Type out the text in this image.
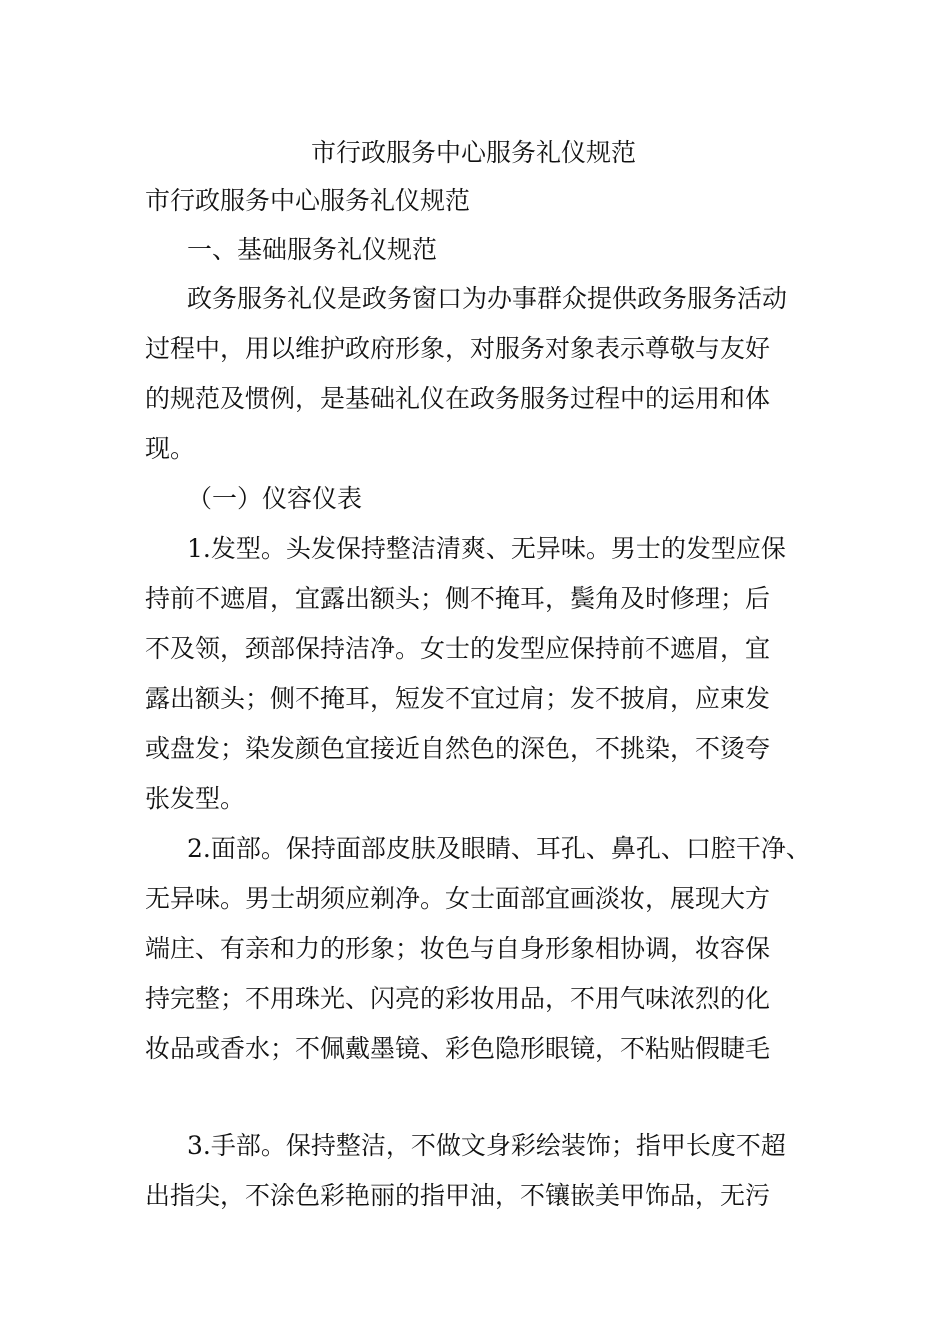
市行政服务中心服务礼仪规范
市行政服务中心服务礼仪规范
一、基础服务礼仪规范
政务服务礼仪是政务窗口为办事群众提供政务服务活动
过程中，用以维护政府形象，对服务对象表示尊敬与友好
的规范及惯例，是基础礼仪在政务服务过程中的运用和体
现。
（一）仪容仪表
1.发型。头发保持整洁清爽、无异味。男士的发型应保
持前不遮眉，宜露出额头；侧不掩耳，鬓角及时修理；后
不及领，颈部保持洁净。女士的发型应保持前不遮眉，宜
露出额头；侧不掩耳，短发不宜过肩；发不披肩，应束发
或盘发；染发颜色宜接近自然色的深色，不挑染，不烫夸
张发型。
2.面部。保持面部皮肤及眼睛、耳孔、鼻孔、口腔干净、
无异味。男士胡须应剃净。女士面部宜画淡妆，展现大方
端庄、有亲和力的形象；妆色与自身形象相协调，妆容保
持完整；不用珠光、闪亮的彩妆用品，不用气味浓烈的化
妆品或香水；不佩戴墨镜、彩色隐形眼镜，不粘贴假睫毛
3.手部。保持整洁，不做文身彩绘装饰；指甲长度不超
出指尖，不涂色彩艳丽的指甲油，不镶嵌美甲饰品，无污
